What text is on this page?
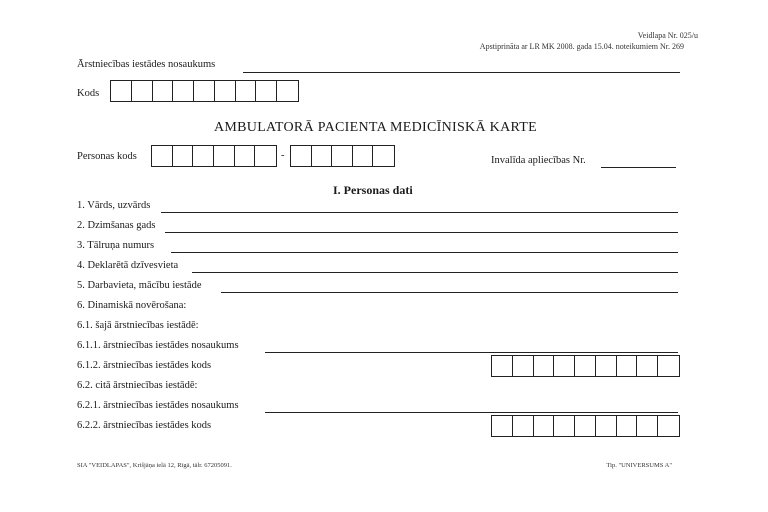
Veidlapa Nr. 025/u
Apstiprināta ar LR MK 2008. gada 15.04. noteikumiem Nr. 269
Ārstniecības iestādes nosaukums
Kods
AMBULATORĀ PACIENTA MEDICĪNISKĀ KARTE
Personas kods	-	Invalīda apliecības Nr.
I. Personas dati
1. Vārds, uzvārds
2. Dzimšanas gads
3. Tālruņa numurs
4. Deklarētā dzīvesvieta
5. Darbavieta, mācību iestāde
6. Dinamiskā novērošana:
6.1. šajā ārstniecības iestādē:
6.1.1. ārstniecības iestādes nosaukums
6.1.2. ārstniecības iestādes kods
6.2. citā ārstniecības iestādē:
6.2.1. ārstniecības iestādes nosaukums
6.2.2. ārstniecības iestādes kods
SIA "VEIDLAPAS", Krišjāņa ielā 12, Rīgā, tālr. 67205091.	Tip. "UNIVERSUMS A"
